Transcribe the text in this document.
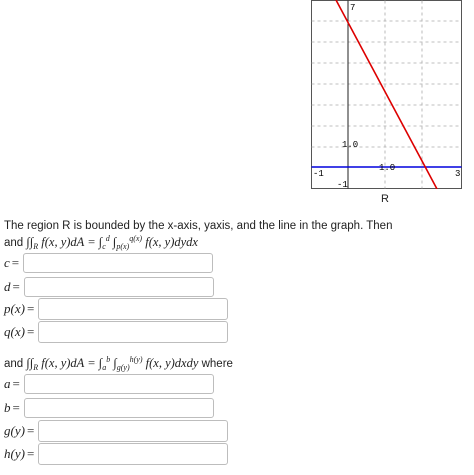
7
-1	3
-1
1.0
1.0
R
The region R is bounded by the x-axis, yaxis, and the line in the graph. Then
and $\int\int_R$ f(x, $y)dA = \int_c^d$ $\int_{p(x)}^{q(x)}$ f(x, y)dydx
c =
d =
p(x) =
q(x) =
and $\int\int_R$ f(x, $y)dA = \int_a^b$ $\int_{g(y)}^{h(y)}$ f(x, y)dxdy where
a =
b =
g(y) =
h(y) =
